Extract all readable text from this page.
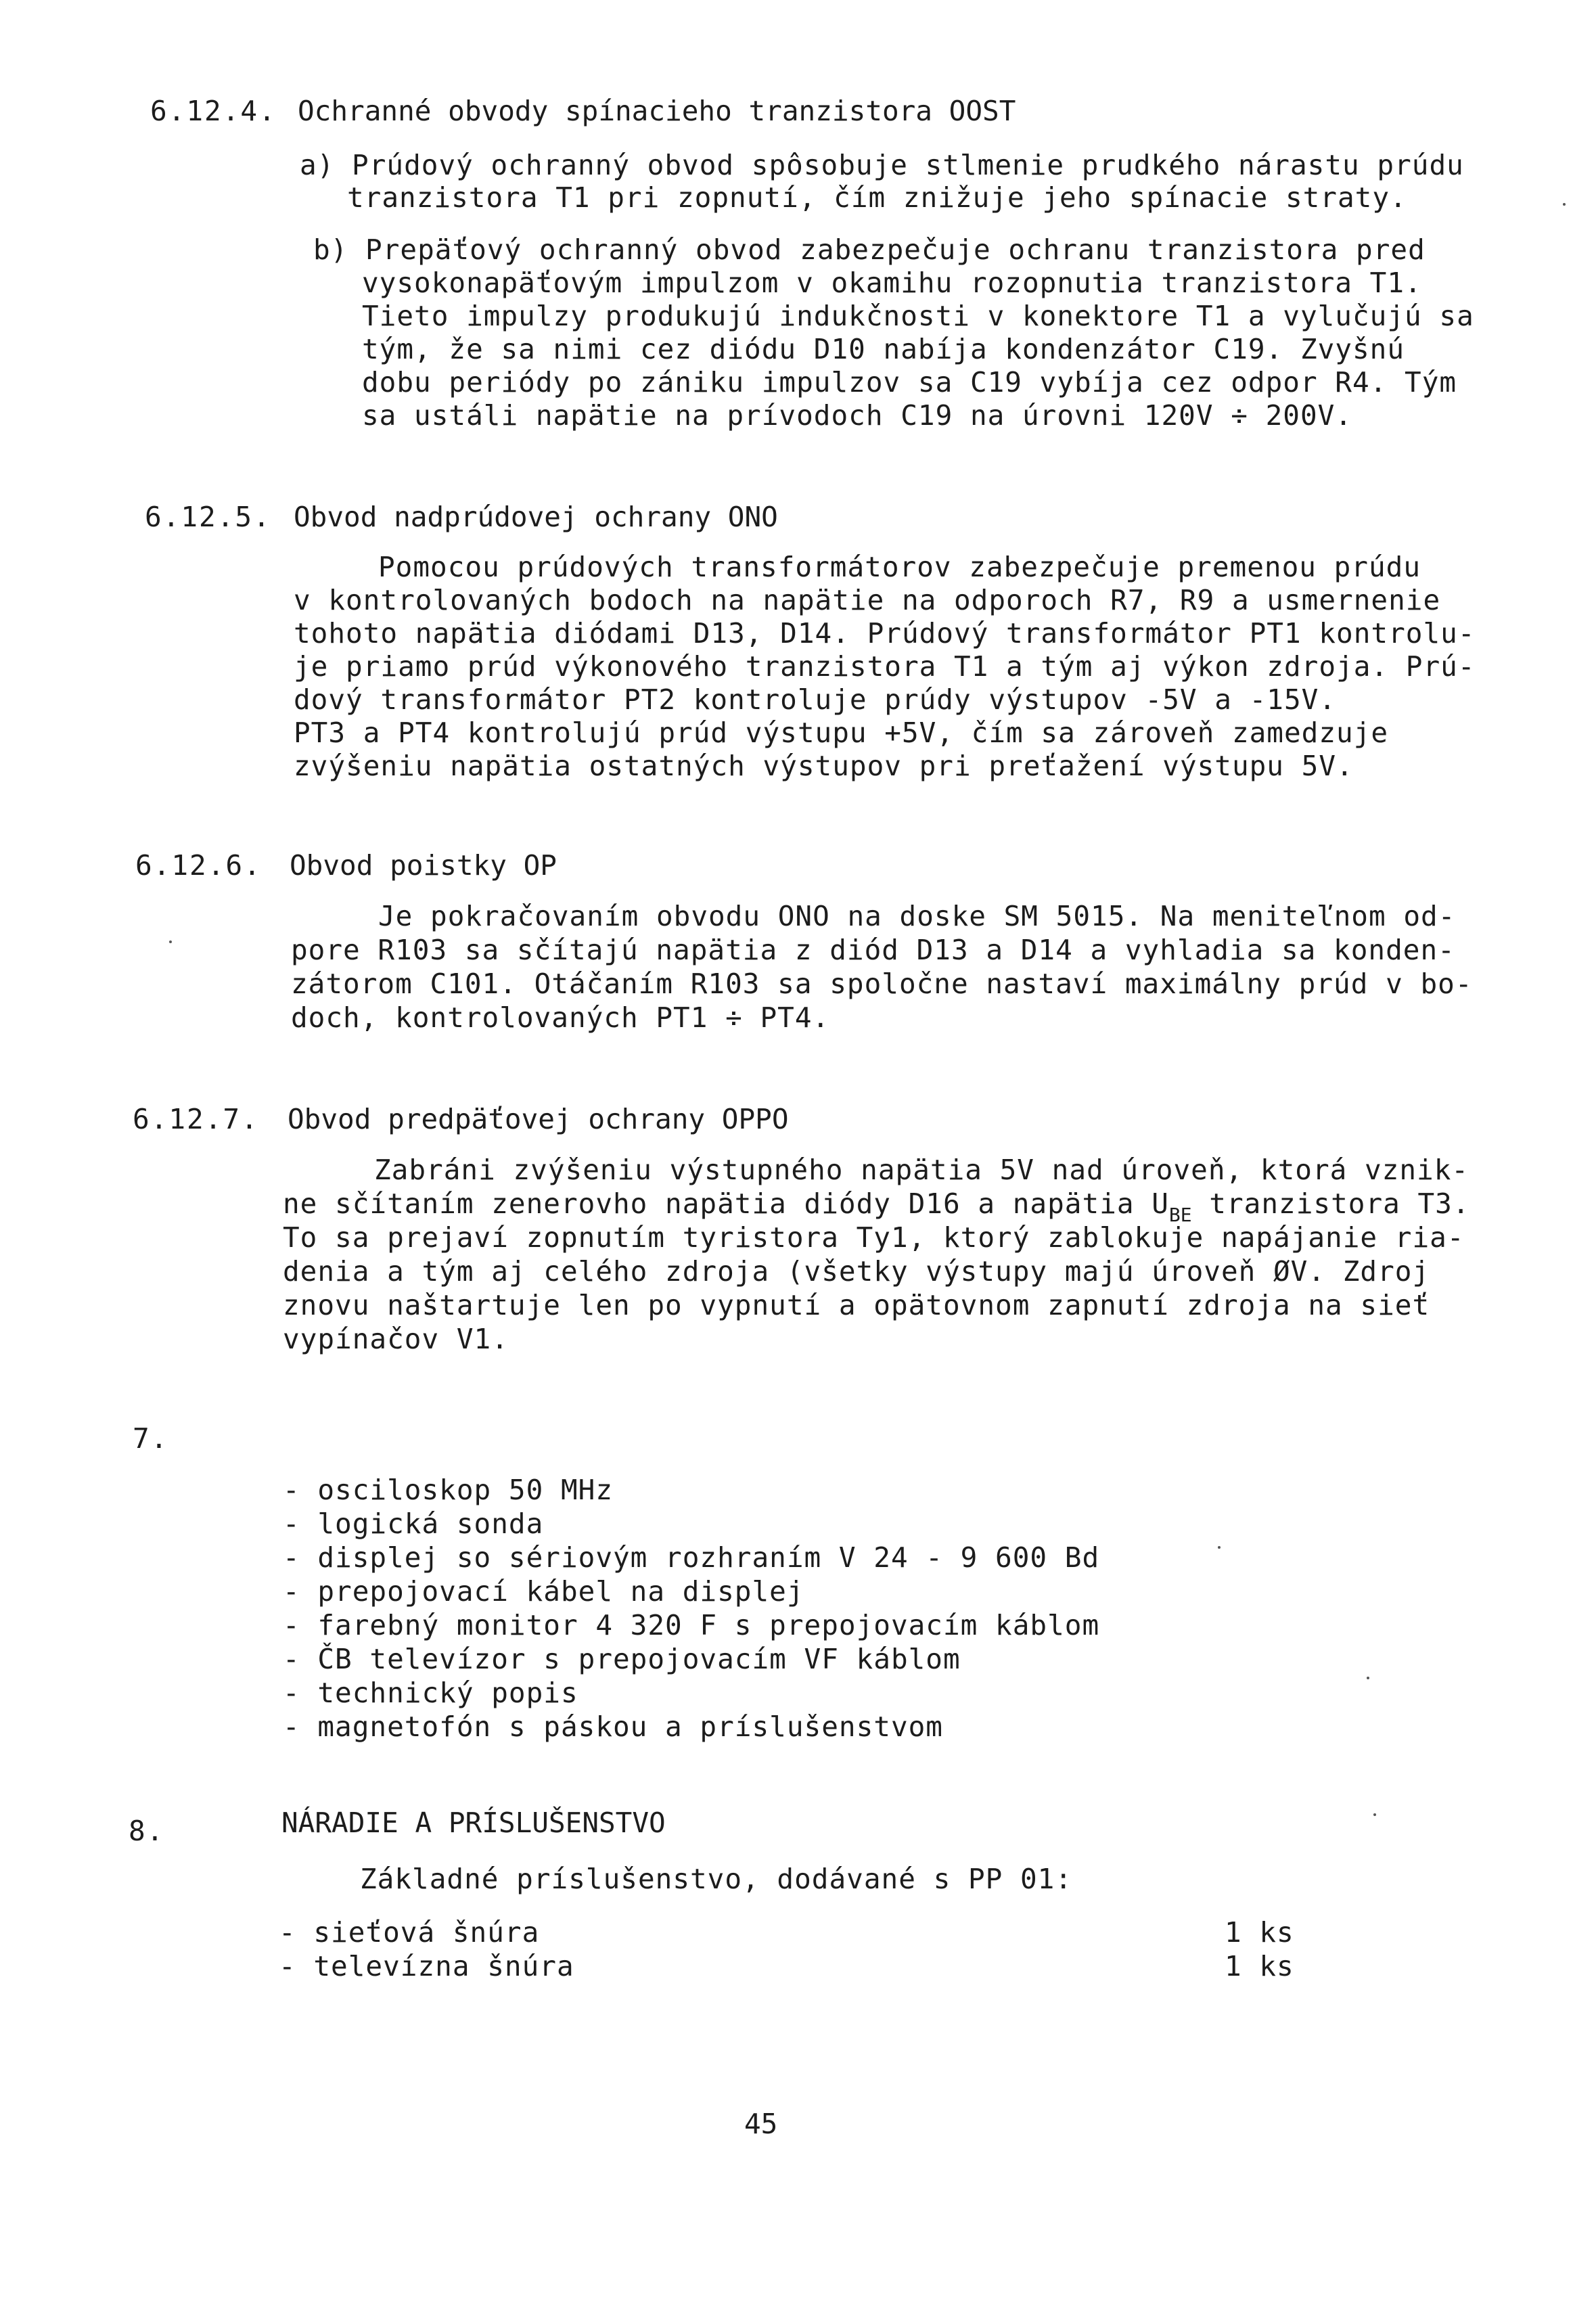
6.12.4. Ochranné obvody spínacieho tranzistora OOST
a) Prúdový ochranný obvod spôsobuje stlmenie prudkého nárastu prúdu
tranzistora T1 pri zopnutí, čím znižuje jeho spínacie straty.
b) Prepäťový ochranný obvod zabezpečuje ochranu tranzistora pred
vysokonapäťovým impulzom v okamihu rozopnutia tranzistora T1.
Tieto impulzy produkujú indukčnosti v konektore T1 a vylučujú sa
tým, že sa nimi cez diódu D10 nabíja kondenzátor C19. Zvyšnú
dobu periódy po zániku impulzov sa C19 vybíja cez odpor R4. Tým
sa ustáli napätie na prívodoch C19 na úrovni 120V ÷ 200V.
6.12.5. Obvod nadprúdovej ochrany ONO
Pomocou prúdových transformátorov zabezpečuje premenou prúdu
v kontrolovaných bodoch na napätie na odporoch R7, R9 a usmernenie
tohoto napätia diódami D13, D14. Prúdový transformátor PT1 kontrolu-
je priamo prúd výkonového tranzistora T1 a tým aj výkon zdroja. Prú-
dový transformátor PT2 kontroluje prúdy výstupov -5V a -15V.
PT3 a PT4 kontrolujú prúd výstupu +5V, čím sa zároveň zamedzuje
zvýšeniu napätia ostatných výstupov pri preťažení výstupu 5V.
6.12.6. Obvod poistky OP
Je pokračovaním obvodu ONO na doske SM 5015. Na meniteľnom od-
pore R103 sa sčítajú napätia z diód D13 a D14 a vyhladia sa konden-
zátorom C101. Otáčaním R103 sa spoločne nastaví maximálny prúd v bo-
doch, kontrolovaných PT1 ÷ PT4.
6.12.7. Obvod predpäťovej ochrany OPPO
Zabráni zvýšeniu výstupného napätia 5V nad úroveň, ktorá vznik-
ne sčítaním zenerovho napätia diódy D16 a napätia $U_{BE}$ tranzistora T3.
To sa prejaví zopnutím tyristora Ty1, ktorý zablokuje napájanie ria-
denia a tým aj celého zdroja (všetky výstupy majú úroveň ØV. Zdroj
znovu naštartuje len po vypnutí a opätovnom zapnutí zdroja na sieť
vypínačov V1.
7.
- osciloskop 50 MHz
- logická sonda
- displej so sériovým rozhraním V 24 - 9 600 Bd
- prepojovací kábel na displej
- farebný monitor 4 320 F s prepojovacím káblom
- ČB televízor s prepojovacím VF káblom
- technický popis
- magnetofón s páskou a príslušenstvom
8.	NÁRADIE A PRÍSLUŠENSTVO
Základné príslušenstvo, dodávané s PP 01:
- sieťová šnúra	1 ks
- televízna šnúra	1 ks
45
